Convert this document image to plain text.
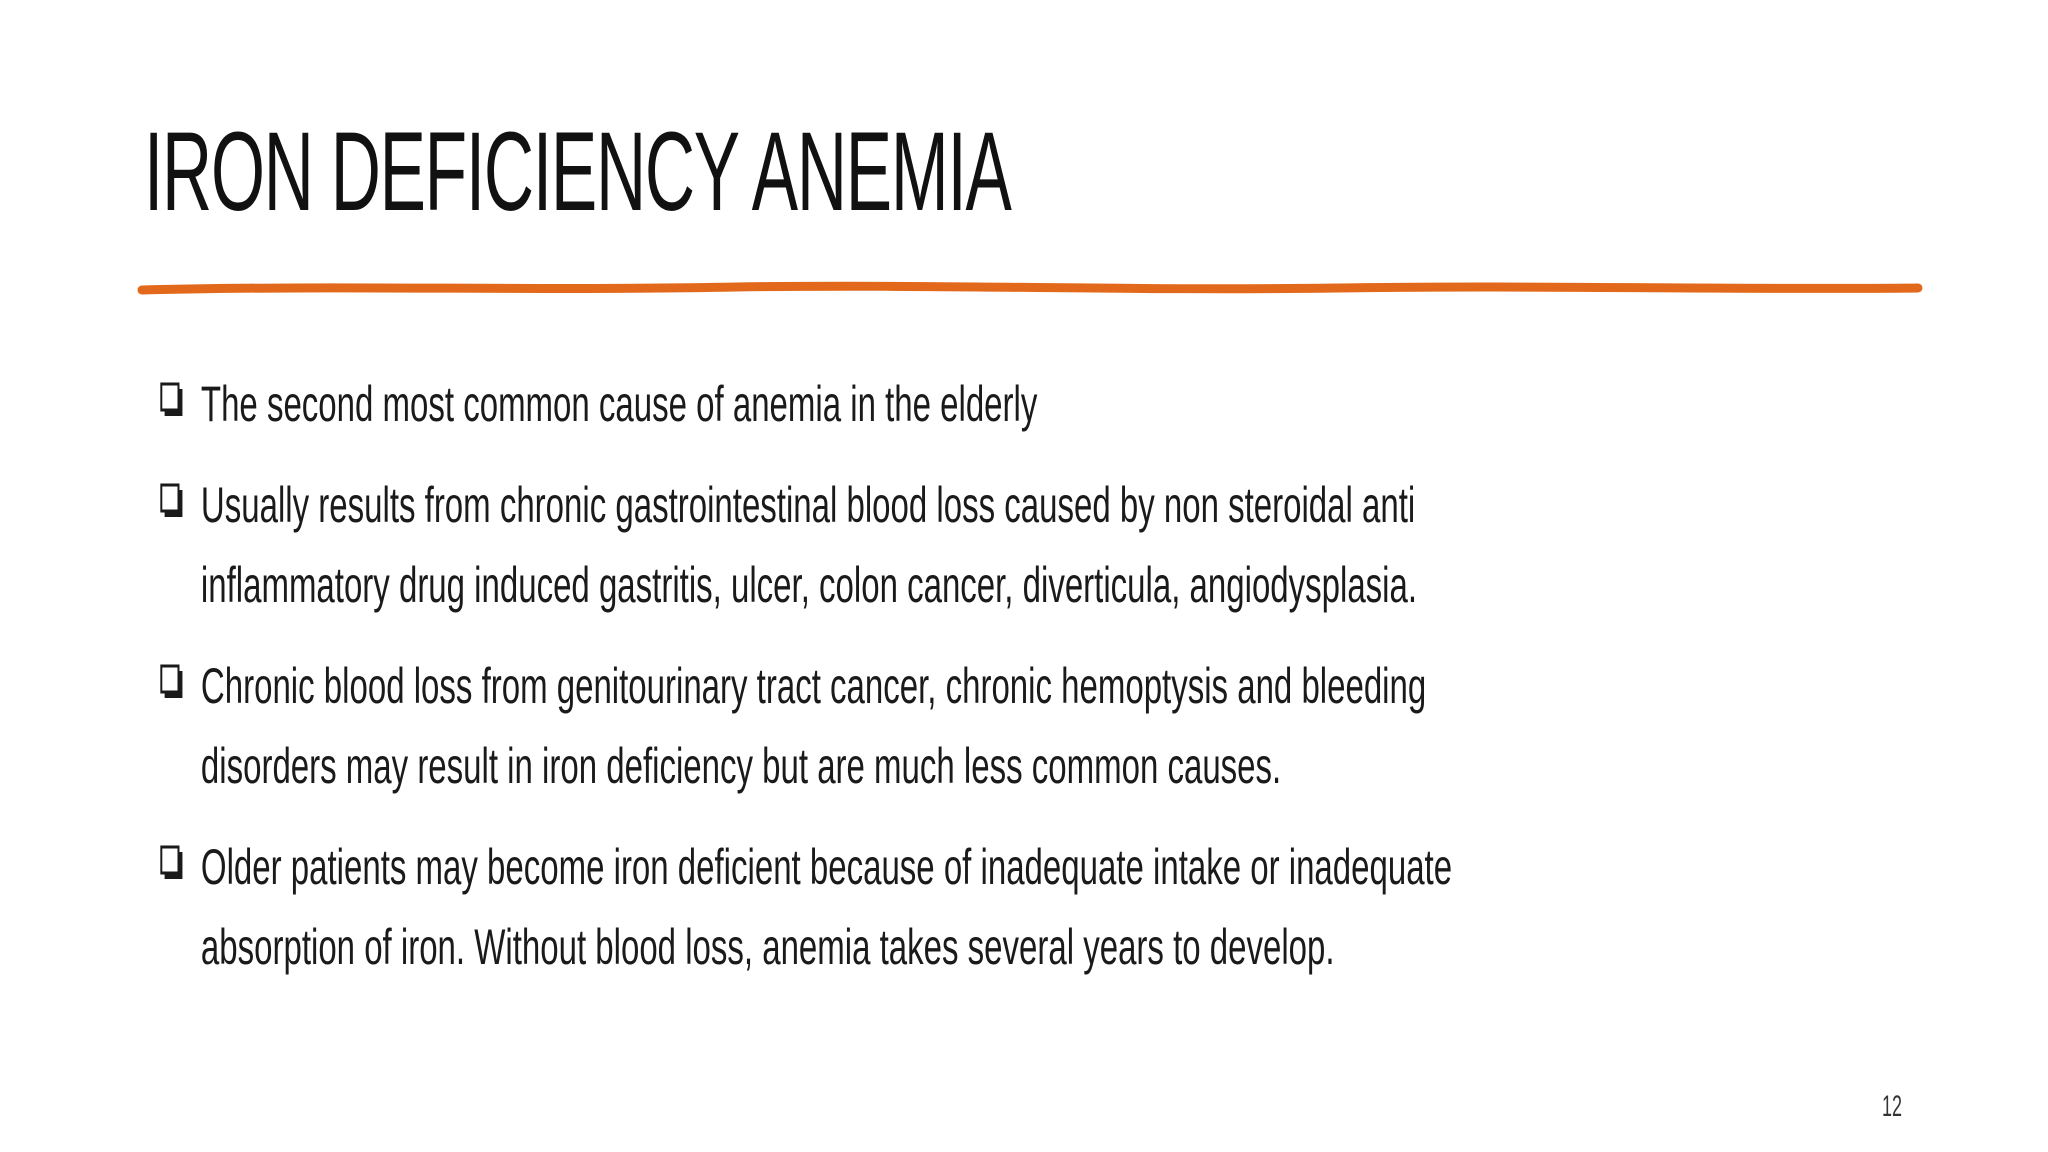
IRON DEFICIENCY ANEMIA
The second most common cause of anemia in the elderly
Usually results from chronic gastrointestinal blood loss caused by non steroidal anti inflammatory drug induced gastritis, ulcer, colon cancer, diverticula, angiodysplasia.
Chronic blood loss from genitourinary tract cancer, chronic hemoptysis and bleeding disorders may result in iron deficiency but are much less common causes.
Older patients may become iron deficient because of inadequate intake or inadequate absorption of iron. Without blood loss, anemia takes several years to develop.
12
